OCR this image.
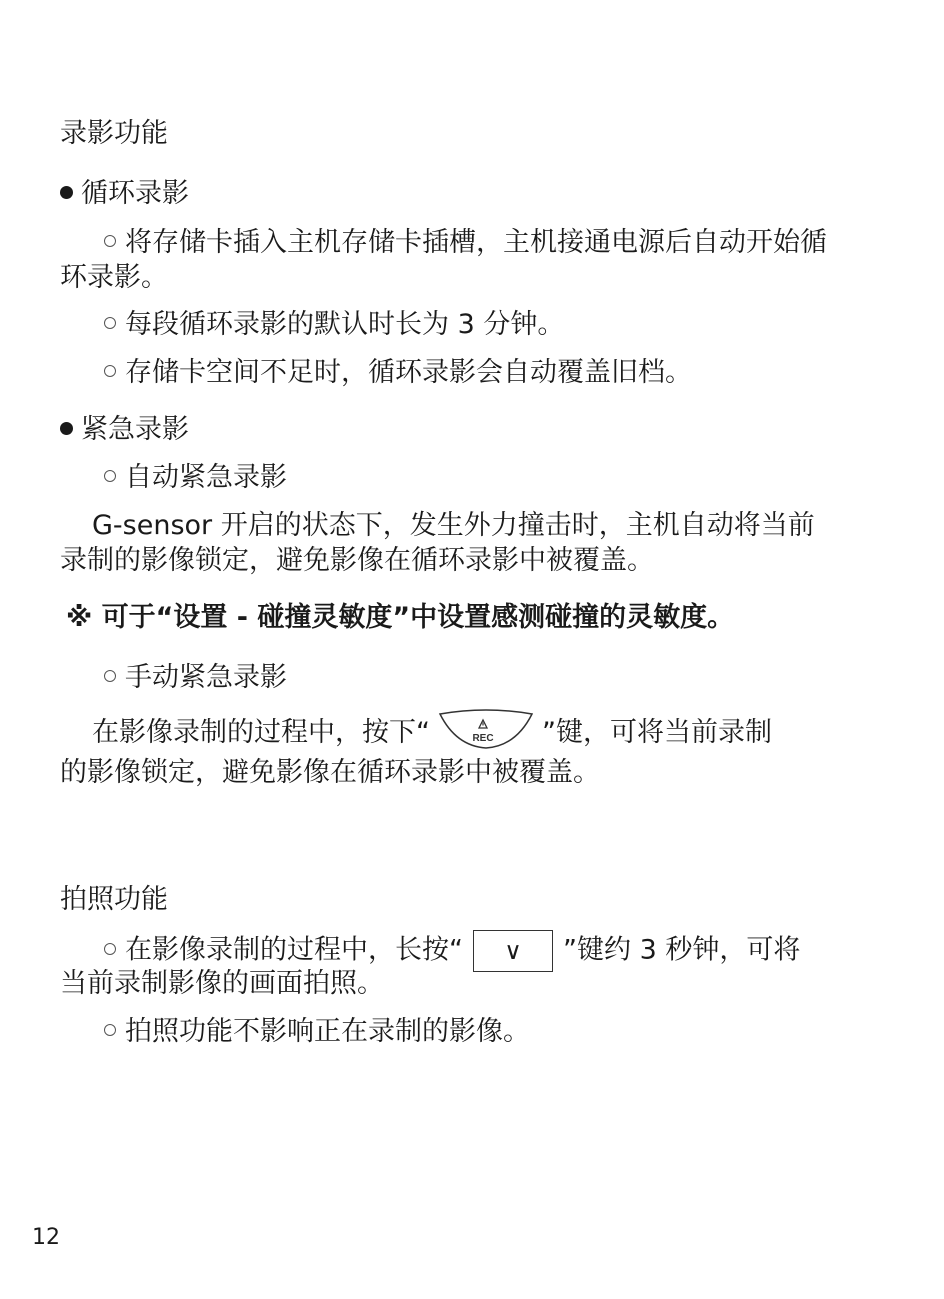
录影功能
循环录影
将存储卡插入主机存储卡插槽，主机接通电源后自动开始循
环录影。
每段循环录影的默认时长为 3 分钟。
存储卡空间不足时，循环录影会自动覆盖旧档。
紧急录影
自动紧急录影
G-sensor 开启的状态下，发生外力撞击时，主机自动将当前
录制的影像锁定，避免影像在循环录影中被覆盖。
※ 可于“设置 - 碰撞灵敏度”中设置感测碰撞的灵敏度。
手动紧急录影
在影像录制的过程中，按下“	REC ”键，可将当前录制
的影像锁定，避免影像在循环录影中被覆盖。
拍照功能
在影像录制的过程中，长按“ ∨ ”键约 3 秒钟，可将
当前录制影像的画面拍照。
拍照功能不影响正在录制的影像。
12
